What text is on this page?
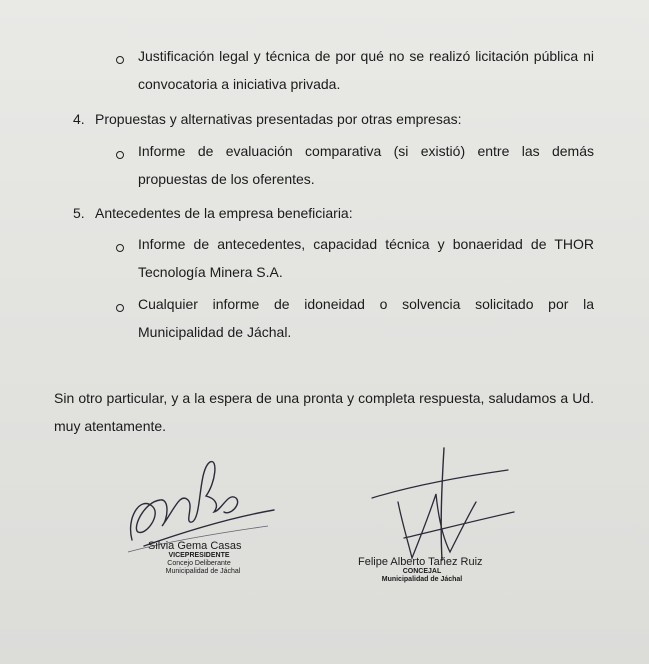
Justificación legal y técnica de por qué no se realizó licitación pública ni convocatoria a iniciativa privada.
4. Propuestas y alternativas presentadas por otras empresas:
Informe de evaluación comparativa (si existió) entre las demás propuestas de los oferentes.
5. Antecedentes de la empresa beneficiaria:
Informe de antecedentes, capacidad técnica y bonaeridad de THOR Tecnología Minera S.A.
Cualquier informe de idoneidad o solvencia solicitado por la Municipalidad de Jáchal.
Sin otro particular, y a la espera de una pronta y completa respuesta, saludamos a Ud. muy atentamente.
Silvia Gema Casas
VICEPRESIDENTE
Concejo Deliberante
Municipalidad de Jáchal
Felipe Alberto Tañez Ruiz
CONCEJAL
Municipalidad de Jáchal
